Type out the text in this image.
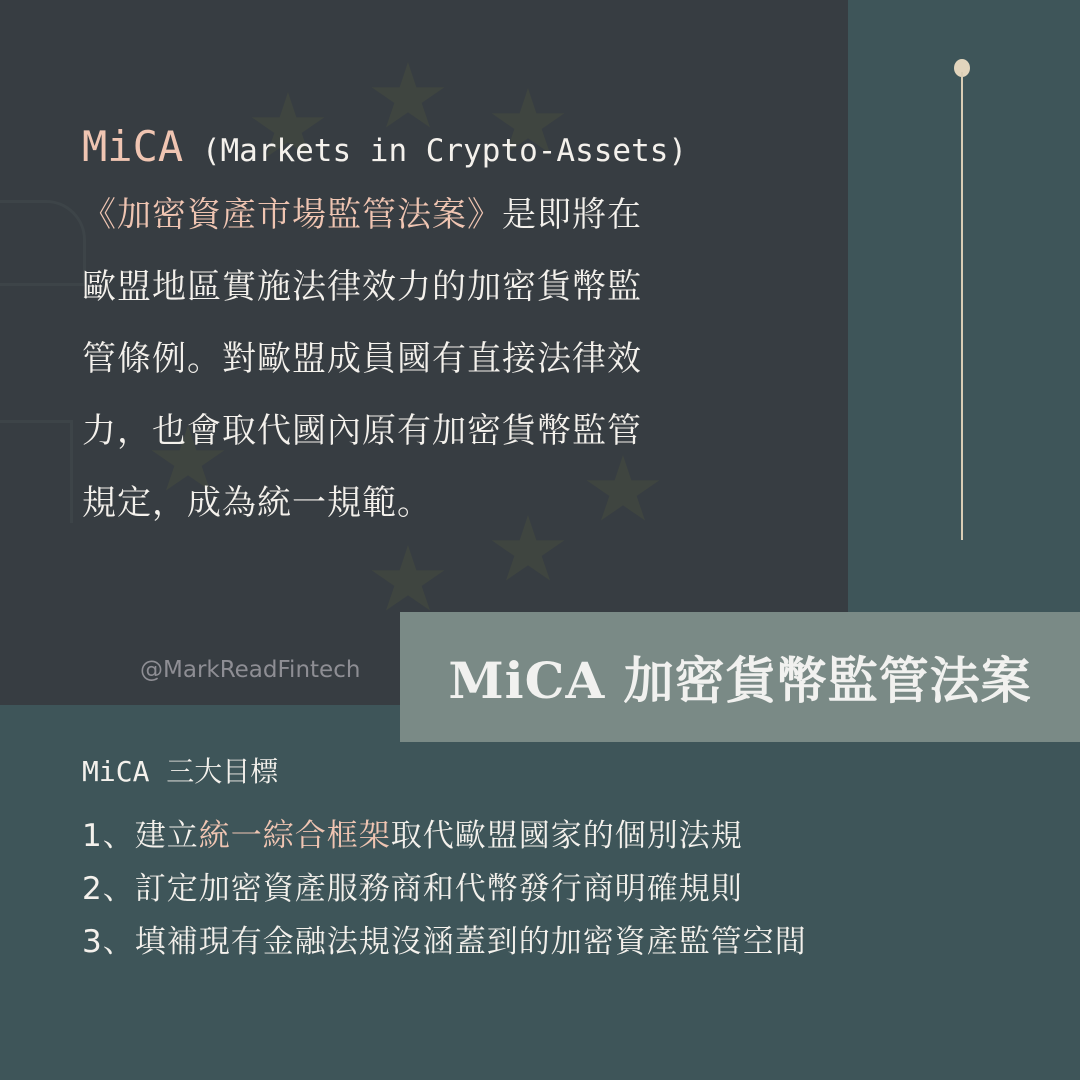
MiCA (Markets in Crypto-Assets)
《加密資產市場監管法案》是即將在
歐盟地區實施法律效力的加密貨幣監
管條例。對歐盟成員國有直接法律效
力，也會取代國內原有加密貨幣監管
規定，成為統一規範。
@MarkReadFintech MiCA 加密貨幣監管法案
MiCA 三大目標
1、建立統一綜合框架取代歐盟國家的個別法規
2、訂定加密資產服務商和代幣發行商明確規則
3、填補現有金融法規沒涵蓋到的加密資產監管空間
